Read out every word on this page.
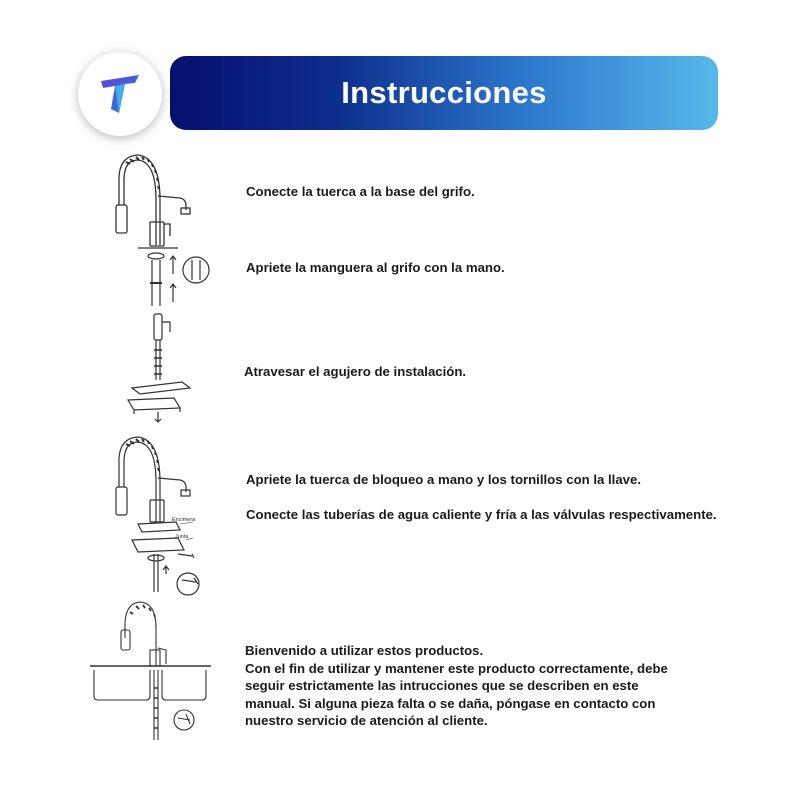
Instrucciones
Encimera
Junta
Conecte la tuerca a la base del grifo.
Apriete la manguera al grifo con la mano.
Atravesar el agujero de instalación.
Apriete la tuerca de bloqueo a mano y los tornillos con la llave.
Conecte las tuberías de agua caliente y fría a las válvulas respectivamente.
Bienvenido a utilizar estos productos.
Con el fin de utilizar y mantener este producto correctamente, debe
seguir estrictamente las intrucciones que se describen en este
manual. Si alguna pieza falta o se daña, póngase en contacto con
nuestro servicio de atención al cliente.
